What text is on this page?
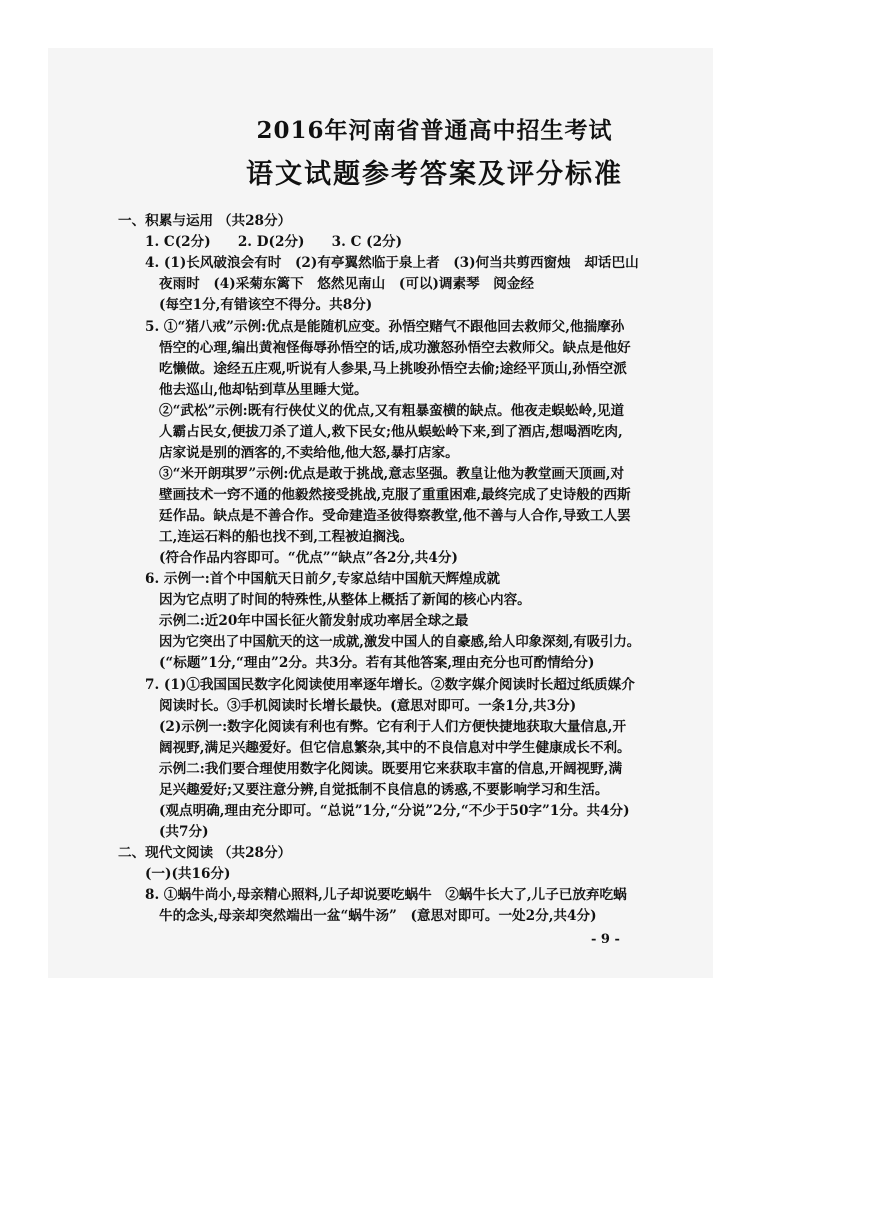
2016年河南省普通高中招生考试
语文试题参考答案及评分标准
一、积累与运用 （共28分）
1. C(2分)　　2. D(2分)　　3. C (2分)
4. (1)长风破浪会有时　(2)有亭翼然临于泉上者　(3)何当共剪西窗烛　却话巴山
夜雨时　(4)采菊东篱下　悠然见南山　(可以)调素琴　阅金经
(每空1分,有错该空不得分。共8分)
5. ①“猪八戒”示例:优点是能随机应变。孙悟空赌气不跟他回去救师父,他揣摩孙
悟空的心理,编出黄袍怪侮辱孙悟空的话,成功激怒孙悟空去救师父。缺点是他好
吃懒做。途经五庄观,听说有人参果,马上挑唆孙悟空去偷;途经平顶山,孙悟空派
他去巡山,他却钻到草丛里睡大觉。
②“武松”示例:既有行侠仗义的优点,又有粗暴蛮横的缺点。他夜走蜈蚣岭,见道
人霸占民女,便拔刀杀了道人,救下民女;他从蜈蚣岭下来,到了酒店,想喝酒吃肉,
店家说是别的酒客的,不卖给他,他大怒,暴打店家。
③“米开朗琪罗”示例:优点是敢于挑战,意志坚强。教皇让他为教堂画天顶画,对
壁画技术一窍不通的他毅然接受挑战,克服了重重困难,最终完成了史诗般的西斯
廷作品。缺点是不善合作。受命建造圣彼得察教堂,他不善与人合作,导致工人罢
工,连运石料的船也找不到,工程被迫搁浅。
(符合作品内容即可。“优点”“缺点”各2分,共4分)
6. 示例一:首个中国航天日前夕,专家总结中国航天辉煌成就
因为它点明了时间的特殊性,从整体上概括了新闻的核心内容。
示例二:近20年中国长征火箭发射成功率居全球之最
因为它突出了中国航天的这一成就,激发中国人的自豪感,给人印象深刻,有吸引力。
(“标题”1分,“理由”2分。共3分。若有其他答案,理由充分也可酌情给分)
7. (1)①我国国民数字化阅读使用率逐年增长。②数字媒介阅读时长超过纸质媒介
阅读时长。③手机阅读时长增长最快。(意思对即可。一条1分,共3分)
(2)示例一:数字化阅读有利也有弊。它有利于人们方便快捷地获取大量信息,开
阔视野,满足兴趣爱好。但它信息繁杂,其中的不良信息对中学生健康成长不利。
示例二:我们要合理使用数字化阅读。既要用它来获取丰富的信息,开阔视野,满
足兴趣爱好;又要注意分辨,自觉抵制不良信息的诱惑,不要影响学习和生活。
(观点明确,理由充分即可。“总说”1分,“分说”2分,“不少于50字”1分。共4分)
(共7分)
二、现代文阅读 （共28分）
(一)(共16分)
8. ①蜗牛尚小,母亲精心照料,儿子却说要吃蜗牛　②蜗牛长大了,儿子已放弃吃蜗
牛的念头,母亲却突然端出一盆“蜗牛汤”　(意思对即可。一处2分,共4分)
- 9 -
